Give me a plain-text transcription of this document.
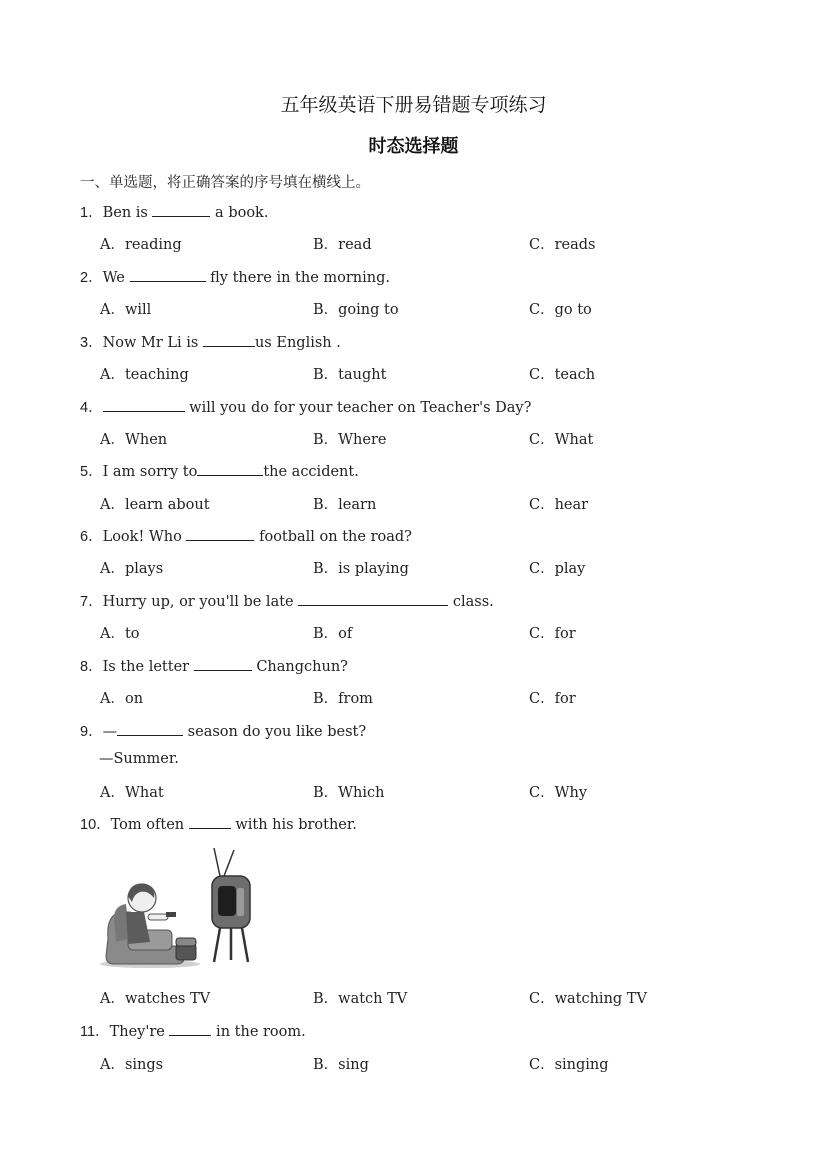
五年级英语下册易错题专项练习
时态选择题
一、单选题，将正确答案的序号填在横线上。
1．Ben is	a book.
A．reading	B．read	C．reads
2．We	fly there in the morning.
A．will	B．going to	C．go to
3．Now Mr Li is	us English .
A．teaching	B．taught	C．teach
4．	will you do for your teacher on Teacher's Day?
A．When	B．Where	C．What
5．I am sorry to	the accident.
A．learn about	B．learn	C．hear
6．Look! Who	football on the road?
A．plays	B．is playing	C．play
7．Hurry up, or you'll be late	class.
A．to	B．of	C．for
8．Is the letter	Changchun?
A．on	B．from	C．for
9．—	season do you like best?
—Summer.
A．What	B．Which	C．Why
10．Tom often	with his brother.
A．watches TV	B．watch TV	C．watching TV
11．They're	in the room.
A．sings	B．sing	C．singing
